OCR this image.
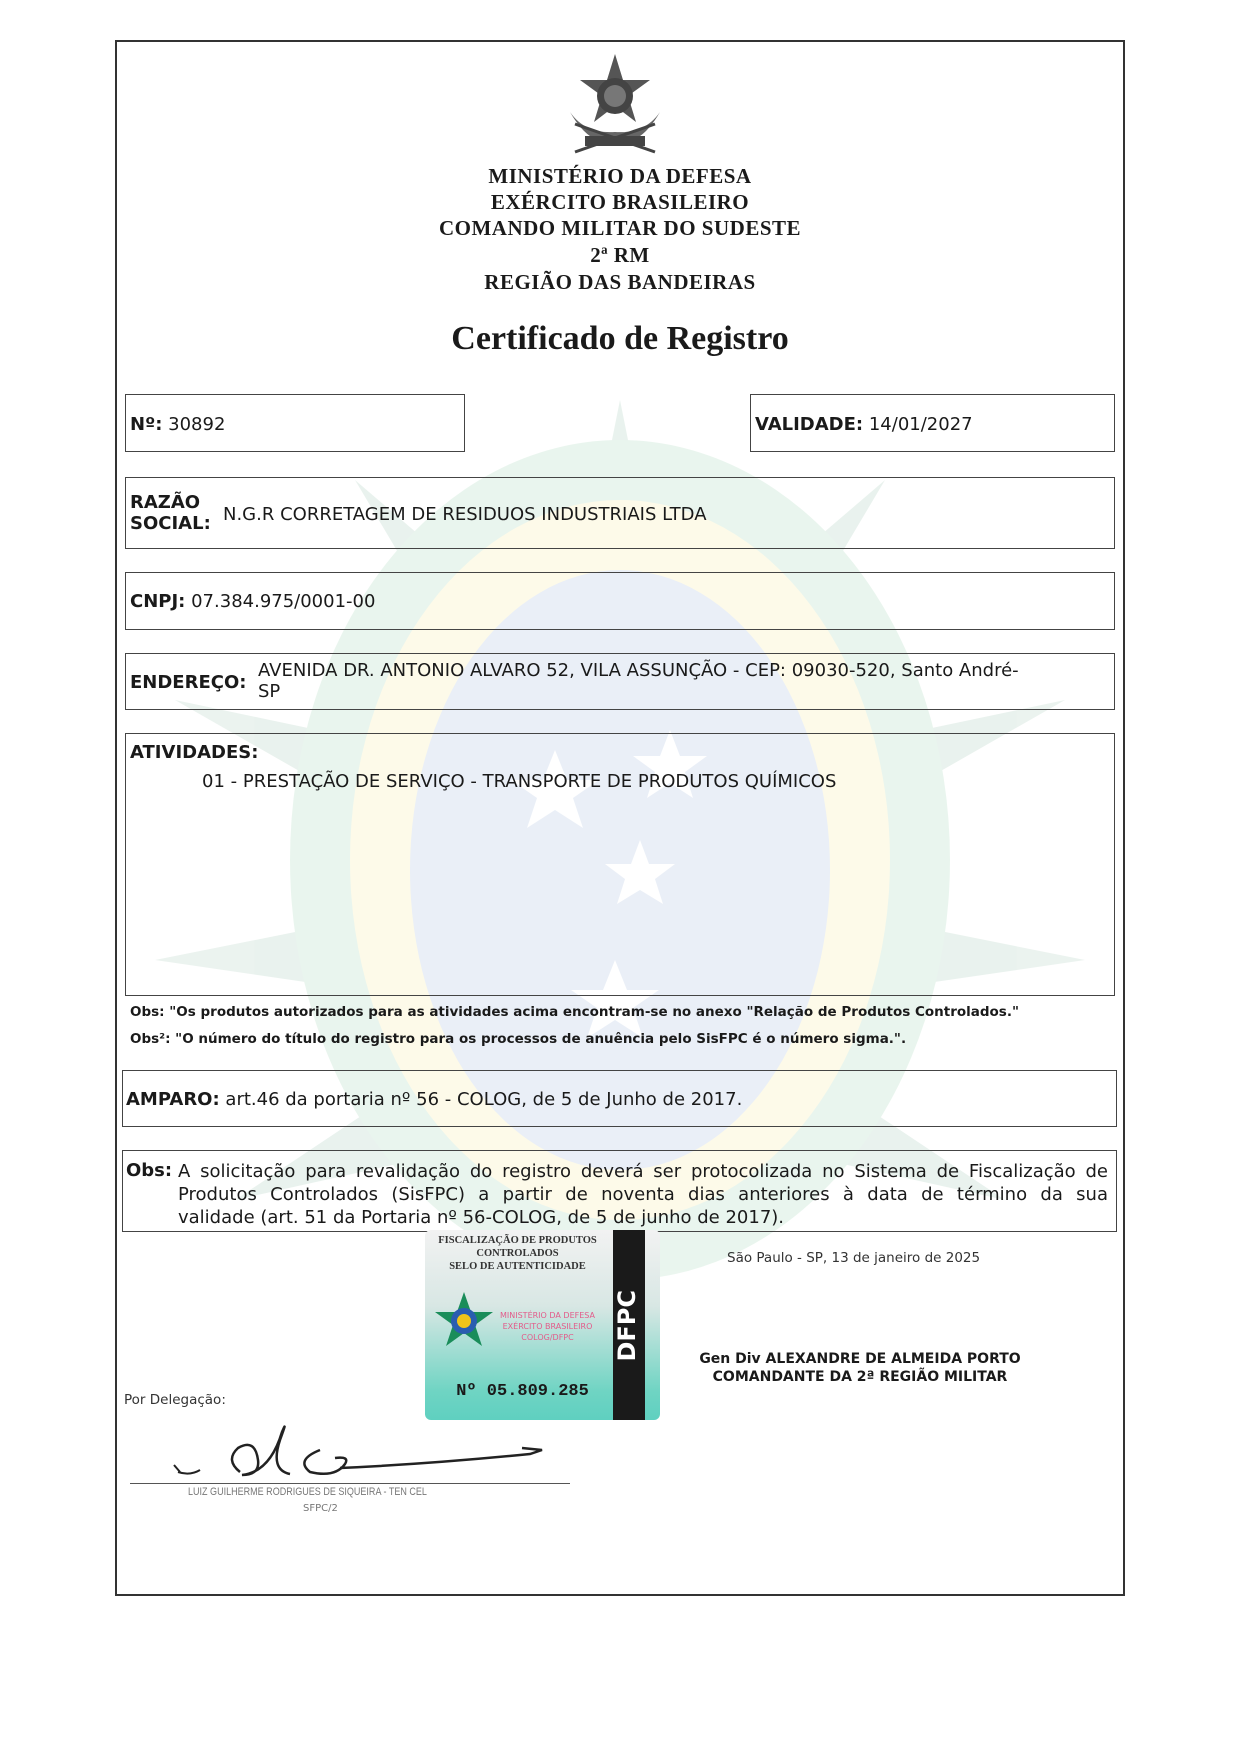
MINISTÉRIO DA DEFESA
EXÉRCITO BRASILEIRO
COMANDO MILITAR DO SUDESTE
2ª RM
REGIÃO DAS BANDEIRAS
Certificado de Registro
Nº: 30892	VALIDADE: 14/01/2027
RAZÃO
SOCIAL: N.G.R CORRETAGEM DE RESIDUOS INDUSTRIAIS LTDA
CNPJ: 07.384.975/0001-00
ENDEREÇO:
AVENIDA DR. ANTONIO ALVARO 52, VILA ASSUNÇÃO - CEP: 09030-520, Santo André-
SP
ATIVIDADES:
01 - PRESTAÇÃO DE SERVIÇO - TRANSPORTE DE PRODUTOS QUÍMICOS
Obs: "Os produtos autorizados para as atividades acima encontram-se no anexo "Relação de Produtos Controlados."
Obs²: "O número do título do registro para os processos de anuência pelo SisFPC é o número sigma.".
AMPARO: art.46 da portaria nº 56 - COLOG, de 5 de Junho de 2017.
Obs: A solicitação para revalidação do registro deverá ser protocolizada no Sistema de Fiscalização de
Produtos Controlados (SisFPC) a partir de noventa dias anteriores à data de término da sua
validade (art. 51 da Portaria nº 56-COLOG, de 5 de junho de 2017).
FISCALIZAÇÃO DE PRODUTOS
CONTROLADOS
SELO DE AUTENTICIDADE
MINISTÉRIO DA DEFESA
EXÉRCITO BRASILEIRO
COLOG/DFPC	DFPC
Nº 05.809.285
São Paulo - SP, 13 de janeiro de 2025
Gen Div ALEXANDRE DE ALMEIDA PORTO
COMANDANTE DA 2ª REGIÃO MILITAR
Por Delegação:
LUIZ GUILHERME RODRIGUES DE SIQUEIRA - TEN CEL
SFPC/2
